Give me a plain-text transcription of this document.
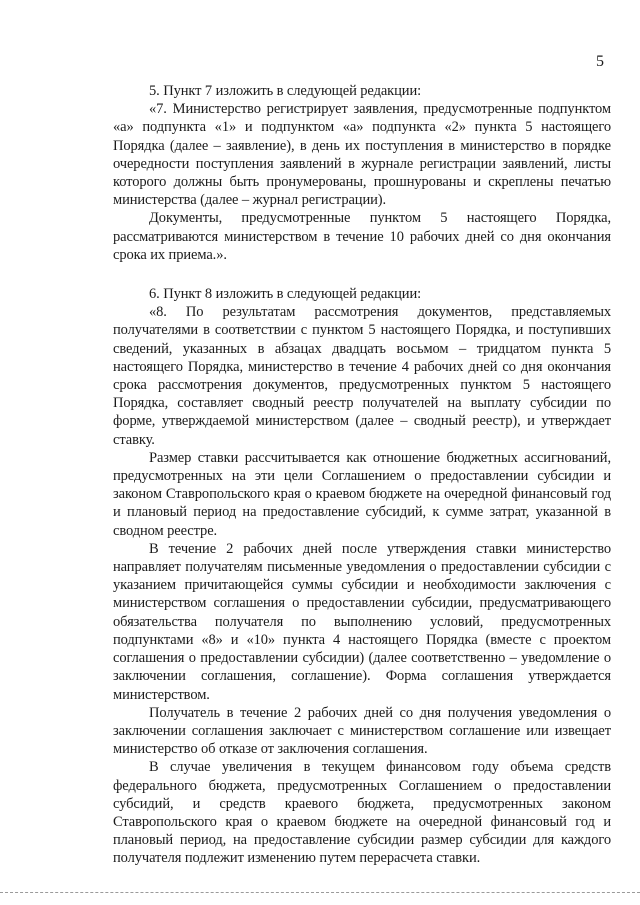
5

5. Пункт 7 изложить в следующей редакции:

«7. Министерство регистрирует заявления, предусмотренные подпунктом «а» подпункта «1» и подпунктом «а» подпункта «2» пункта 5 настоящего Порядка (далее – заявление), в день их поступления в министерство в порядке очередности поступления заявлений в журнале регистрации заявлений, листы которого должны быть пронумерованы, прошнурованы и скреплены печатью министерства (далее – журнал регистрации).

Документы, предусмотренные пунктом 5 настоящего Порядка, рассматриваются министерством в течение 10 рабочих дней со дня окончания срока их приема.».

6. Пункт 8 изложить в следующей редакции:

«8. По результатам рассмотрения документов, представляемых получателями в соответствии с пунктом 5 настоящего Порядка, и поступивших сведений, указанных в абзацах двадцать восьмом – тридцатом пункта 5 настоящего Порядка, министерство в течение 4 рабочих дней со дня окончания срока рассмотрения документов, предусмотренных пунктом 5 настоящего Порядка, составляет сводный реестр получателей на выплату субсидии по форме, утверждаемой министерством (далее – сводный реестр), и утверждает ставку.

Размер ставки рассчитывается как отношение бюджетных ассигнований, предусмотренных на эти цели Соглашением о предоставлении субсидии и законом Ставропольского края о краевом бюджете на очередной финансовый год и плановый период на предоставление субсидий, к сумме затрат, указанной в сводном реестре.

В течение 2 рабочих дней после утверждения ставки министерство направляет получателям письменные уведомления о предоставлении субсидии с указанием причитающейся суммы субсидии и необходимости заключения с министерством соглашения о предоставлении субсидии, предусматривающего обязательства получателя по выполнению условий, предусмотренных подпунктами «8» и «10» пункта 4 настоящего Порядка (вместе с проектом соглашения о предоставлении субсидии) (далее соответственно – уведомление о заключении соглашения, соглашение). Форма соглашения утверждается министерством.

Получатель в течение 2 рабочих дней со дня получения уведомления о заключении соглашения заключает с министерством соглашение или извещает министерство об отказе от заключения соглашения.

В случае увеличения в текущем финансовом году объема средств федерального бюджета, предусмотренных Соглашением о предоставлении субсидий, и средств краевого бюджета, предусмотренных законом Ставропольского края о краевом бюджете на очередной финансовый год и плановый период, на предоставление субсидии размер субсидии для каждого получателя подлежит изменению путем перерасчета ставки.
